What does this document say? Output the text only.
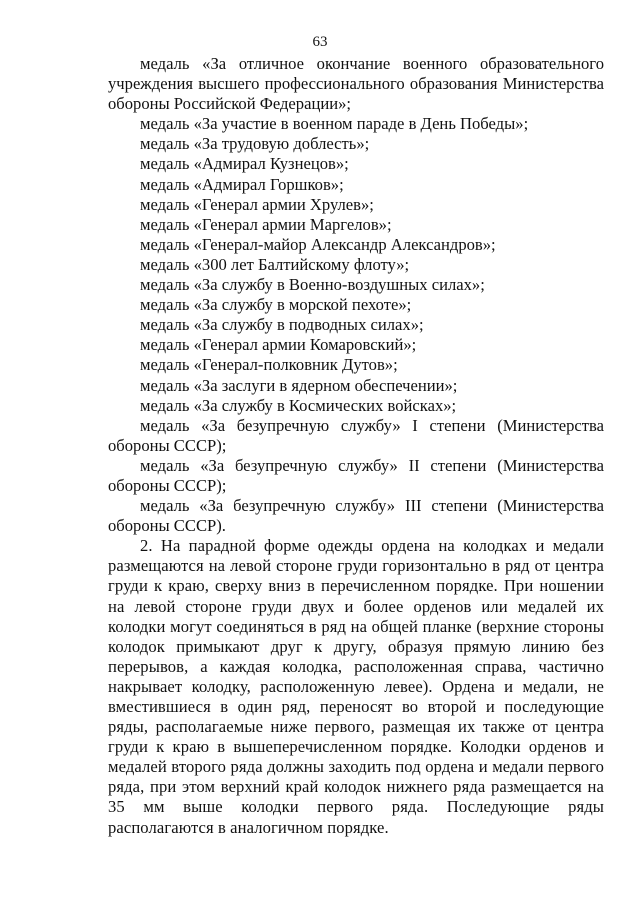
63

медаль «За отличное окончание военного образовательного учреждения высшего профессионального образования Министерства обороны Российской Федерации»;

медаль «За участие в военном параде в День Победы»;

медаль «За трудовую доблесть»;

медаль «Адмирал Кузнецов»;

медаль «Адмирал Горшков»;

медаль «Генерал армии Хрулев»;

медаль «Генерал армии Маргелов»;

медаль «Генерал-майор Александр Александров»;

медаль «300 лет Балтийскому флоту»;

медаль «За службу в Военно-воздушных силах»;

медаль «За службу в морской пехоте»;

медаль «За службу в подводных силах»;

медаль «Генерал армии Комаровский»;

медаль «Генерал-полковник Дутов»;

медаль «За заслуги в ядерном обеспечении»;

медаль «За службу в Космических войсках»;

медаль «За безупречную службу» I степени (Министерства обороны СССР);

медаль «За безупречную службу» II степени (Министерства обороны СССР);

медаль «За безупречную службу» III степени (Министерства обороны СССР).

2. На парадной форме одежды ордена на колодках и медали размещаются на левой стороне груди горизонтально в ряд от центра груди к краю, сверху вниз в перечисленном порядке. При ношении на левой стороне груди двух и более орденов или медалей их колодки могут соединяться в ряд на общей планке (верхние стороны колодок примыкают друг к другу, образуя прямую линию без перерывов, а каждая колодка, расположенная справа, частично накрывает колодку, расположенную левее). Ордена и медали, не вместившиеся в один ряд, переносят во второй и последующие ряды, располагаемые ниже первого, размещая их также от центра груди к краю в вышеперечисленном порядке. Колодки орденов и медалей второго ряда должны заходить под ордена и медали первого ряда, при этом верхний край колодок нижнего ряда размещается на 35 мм выше колодки первого ряда. Последующие ряды располагаются в аналогичном порядке.
